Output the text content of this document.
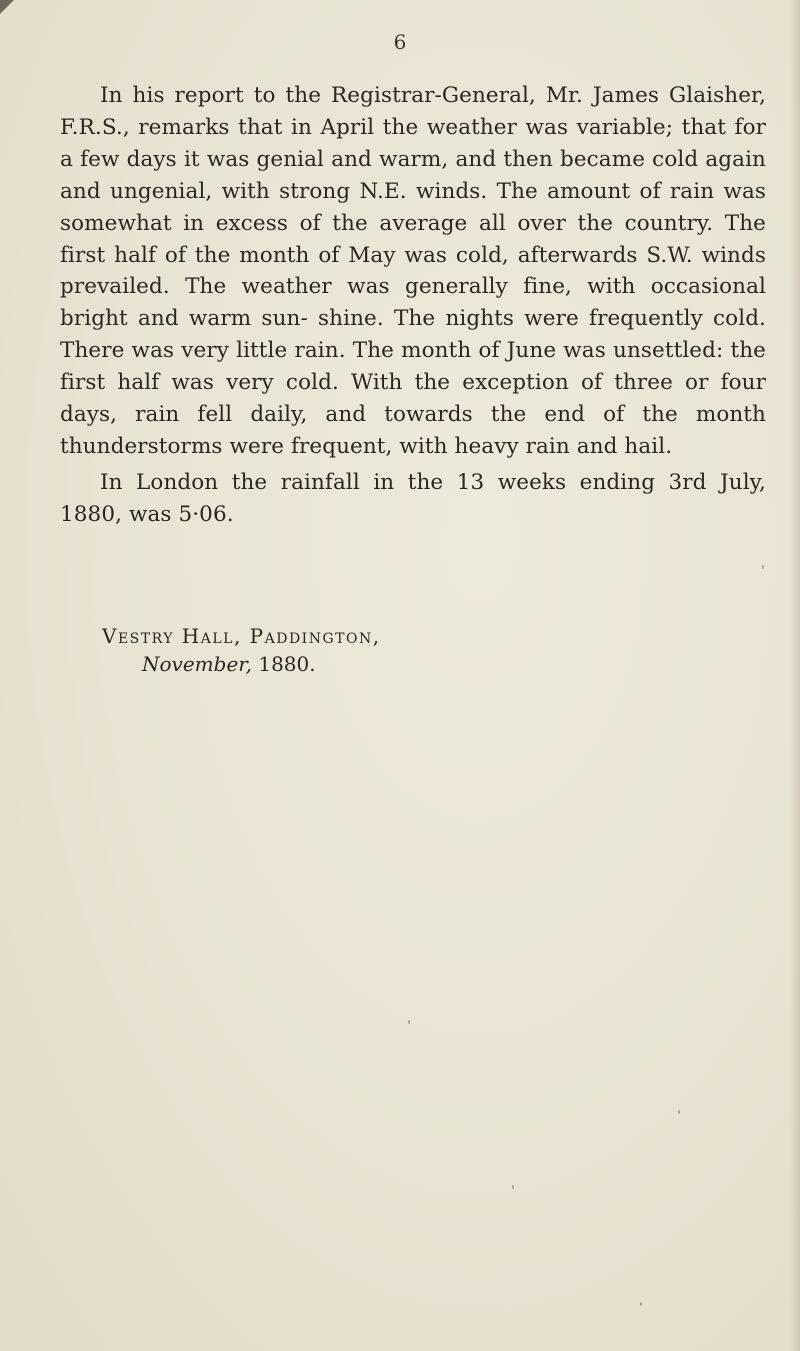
6

In his report to the Registrar-General, Mr. James Glaisher, F.R.S., remarks that in April the weather was variable; that for a few days it was genial and warm, and then became cold again and ungenial, with strong N.E. winds. The amount of rain was somewhat in excess of the average all over the country. The first half of the month of May was cold, afterwards S.W. winds prevailed. The weather was generally fine, with occasional bright and warm sun- shine. The nights were frequently cold. There was very little rain. The month of June was unsettled: the first half was very cold. With the exception of three or four days, rain fell daily, and towards the end of the month thunderstorms were frequent, with heavy rain and hail.

In London the rainfall in the 13 weeks ending 3rd July, 1880, was 5·06.

Vestry Hall, Paddington,
November, 1880.
